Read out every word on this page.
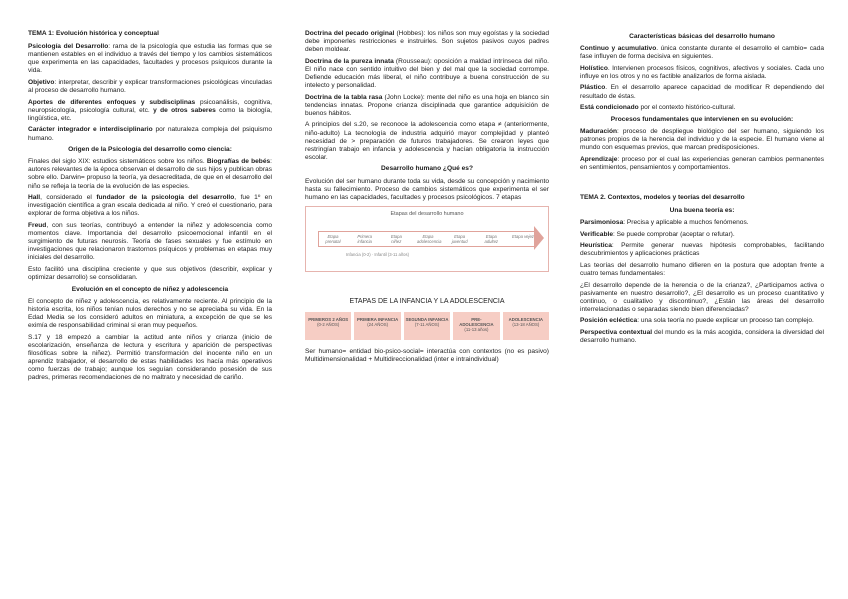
TEMA 1: Evolución histórica y conceptual

Psicología del Desarrollo: rama de la psicología que estudia las formas que se mantienen estables en el individuo a través del tiempo y los cambios sistemáticos que experimenta en las capacidades, facultades y procesos psíquicos durante la vida.

Objetivo: interpretar, describir y explicar transformaciones psicológicas vinculadas al proceso de desarrollo humano.

Aportes de diferentes enfoques y subdisciplinas psicoanálisis, cognitiva, neuropsicología, psicología cultural, etc. y de otros saberes como la biología, lingüística, etc.

Carácter integrador e interdisciplinario por naturaleza compleja del psiquismo humano.

Origen de la Psicología del desarrollo como ciencia:

Finales del siglo XIX: estudios sistemáticos sobre los niños. Biografías de bebés: autores relevantes de la época observan el desarrollo de sus hijos y publican obras sobre ello. Darwin= propuso la teoría, ya desacreditada, de que en el desarrollo del niño se refleja la teoría de la evolución de las especies.

Hall, considerado el fundador de la psicología del desarrollo, fue 1º en investigación científica a gran escala dedicada al niño. Y creó el cuestionario, para explorar de forma objetiva a los niños.

Freud, con sus teorías, contribuyó a entender la niñez y adolescencia como momentos clave. Importancia del desarrollo psicoemocional infantil en el surgimiento de futuras neurosis. Teoría de fases sexuales y fue estímulo en investigaciones que relacionaron trastornos psíquicos y problemas en etapas muy iniciales del desarrollo.

Esto facilitó una disciplina creciente y que sus objetivos (describir, explicar y optimizar desarrollo) se consolidaran.

Evolución en el concepto de niñez y adolescencia

El concepto de niñez y adolescencia, es relativamente reciente. Al principio de la historia escrita, los niños tenían nulos derechos y no se apreciaba su vida. En la Edad Media se los consideró adultos en miniatura, a excepción de que se les eximía de responsabilidad criminal si eran muy pequeños.

S.17 y 18 empezó a cambiar la actitud ante niños y crianza (inicio de escolarización, enseñanza de lectura y escritura y aparición de perspectivas filosóficas sobre la niñez). Permitió transformación del inocente niño en un aprendiz trabajador, el desarrollo de estas habilidades los hacía más operativos como fuerzas de trabajo; aunque los seguían considerando posesión de sus padres, primeras recomendaciones de no maltrato y necesidad de cariño.

Doctrina del pecado original (Hobbes): los niños son muy egoístas y la sociedad debe imponerles restricciones e instruirles. Son sujetos pasivos cuyos padres deben moldear.

Doctrina de la pureza innata (Rousseau): oposición a maldad intrínseca del niño. El niño nace con sentido intuitivo del bien y del mal que la sociedad corrompe. Defiende educación más liberal, el niño contribuye a buena construcción de su intelecto y personalidad.

Doctrina de la tabla rasa (John Locke): mente del niño es una hoja en blanco sin tendencias innatas. Propone crianza disciplinada que garantice adquisición de buenos hábitos.

A principios del s.20, se reconoce la adolescencia como etapa ≠ (anteriormente, niño-adulto) La tecnología de industria adquirió mayor complejidad y planteó necesidad de > preparación de futuros trabajadores. Se crearon leyes que restringían trabajo en infancia y adolescencia y hacían obligatoria la instrucción escolar.

Desarrollo humano ¿Qué es?

Evolución del ser humano durante toda su vida, desde su concepción y nacimiento hasta su fallecimiento. Proceso de cambios sistemáticos que experimenta el ser humano en las capacidades, facultades y procesos psicológicos. 7 etapas

Etapas del desarrollo humano
Etapa prenatal
Primera infancia
Etapa niñez
Etapa adolescencia
Etapa juventud
Etapa adultez
Etapa vejez
Infancia (0-2) · Infantil (3-11 años)

ETAPAS DE LA INFANCIA Y LA ADOLESCENCIA

PRIMEROS 2 AÑOS
(0-2 AÑOS)
PRIMERA INFANCIA
(24 AÑOS)
SEGUNDA INFANCIA
(7-11 AÑOS)
PRE-ADOLESCENCIA
(11-13 años)
ADOLESCENCIA
(13-18 AÑOS)

Ser humano= entidad bio-psico-social= interactúa con contextos (no es pasivo) Multidimensionalidad + Multidireccionalidad (inter e intraindividual)

Características básicas del desarrollo humano

Continuo y acumulativo. única constante durante el desarrollo el cambio= cada fase influyen de forma decisiva en siguientes.

Holístico. Intervienen procesos físicos, cognitivos, afectivos y sociales. Cada uno influye en los otros y no es factible analizarlos de forma aislada.

Plástico. En el desarrollo aparece capacidad de modificar R dependiendo del resultado de éstas.

Está condicionado por el contexto histórico-cultural.

Procesos fundamentales que intervienen en su evolución:

Maduración: proceso de despliegue biológico del ser humano, siguiendo los patrones propios de la herencia del individuo y de la especie. El humano viene al mundo con esquemas previos, que marcan predisposiciones.

Aprendizaje: proceso por el cual las experiencias generan cambios permanentes en sentimientos, pensamientos y comportamientos.

TEMA 2. Contextos, modelos y teorías del desarrollo

Una buena teoría es:

Parsimoniosa: Precisa y aplicable a muchos fenómenos.

Verificable: Se puede comprobar (aceptar o refutar).

Heurística: Permite generar nuevas hipótesis comprobables, facilitando descubrimientos y aplicaciones prácticas

Las teorías del desarrollo humano difieren en la postura que adoptan frente a cuatro temas fundamentales:

¿El desarrollo depende de la herencia o de la crianza?, ¿Participamos activa o pasivamente en nuestro desarrollo?, ¿El desarrollo es un proceso cuantitativo y continuo, o cualitativo y discontinuo?, ¿Están las áreas del desarrollo interrelacionadas o separadas siendo bien diferenciadas?

Posición ecléctica: una sola teoría no puede explicar un proceso tan complejo.

Perspectiva contextual del mundo es la más acogida, considera la diversidad del desarrollo humano.
